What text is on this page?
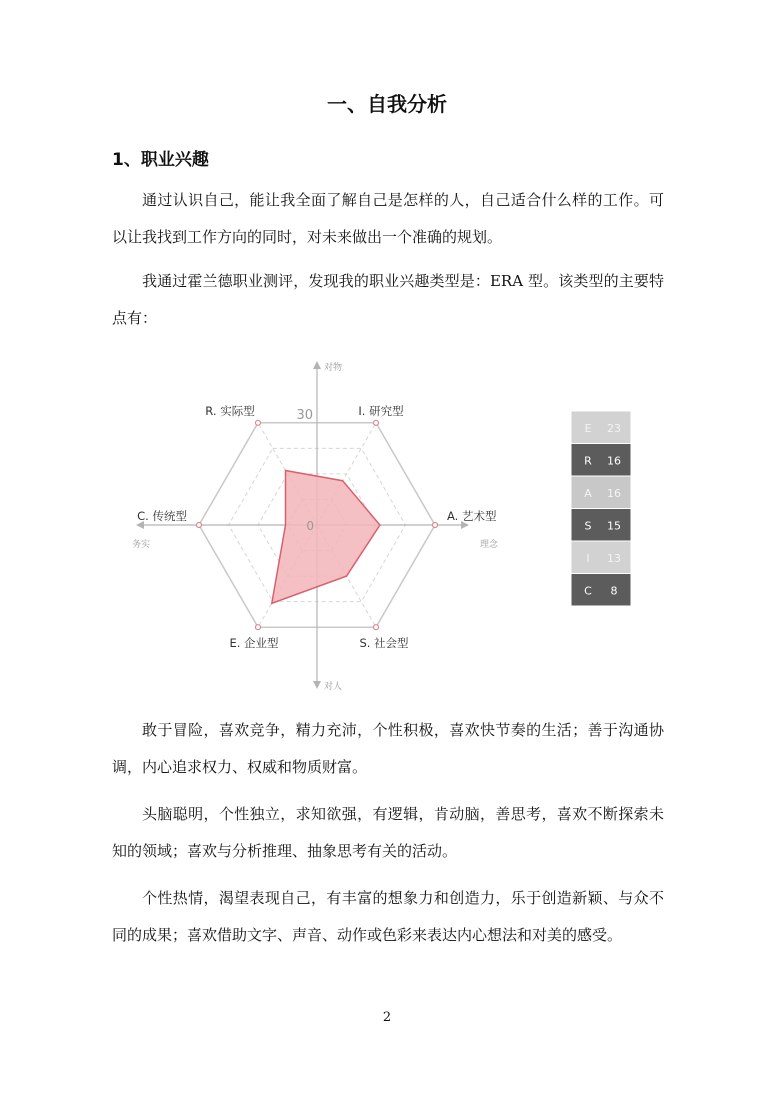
一、自我分析
1、职业兴趣

通过认识自己，能让我全面了解自己是怎样的人，自己适合什么样的工作。可以让我找到工作方向的同时，对未来做出一个准确的规划。

我通过霍兰德职业测评，发现我的职业兴趣类型是：ERA 型。该类型的主要特点有：

R. 实际型	I. 研究型
A. 艺术型
S. 社会型
E. 企业型
C. 传统型
30
0
对物
对人
务实	理念
E 23
R 16
A 16
S 15
I 13
C 8

敢于冒险，喜欢竞争，精力充沛，个性积极，喜欢快节奏的生活；善于沟通协调，内心追求权力、权威和物质财富。

头脑聪明，个性独立，求知欲强，有逻辑，肯动脑，善思考，喜欢不断探索未知的领域；喜欢与分析推理、抽象思考有关的活动。

个性热情，渴望表现自己，有丰富的想象力和创造力，乐于创造新颖、与众不同的成果；喜欢借助文字、声音、动作或色彩来表达内心想法和对美的感受。

2
